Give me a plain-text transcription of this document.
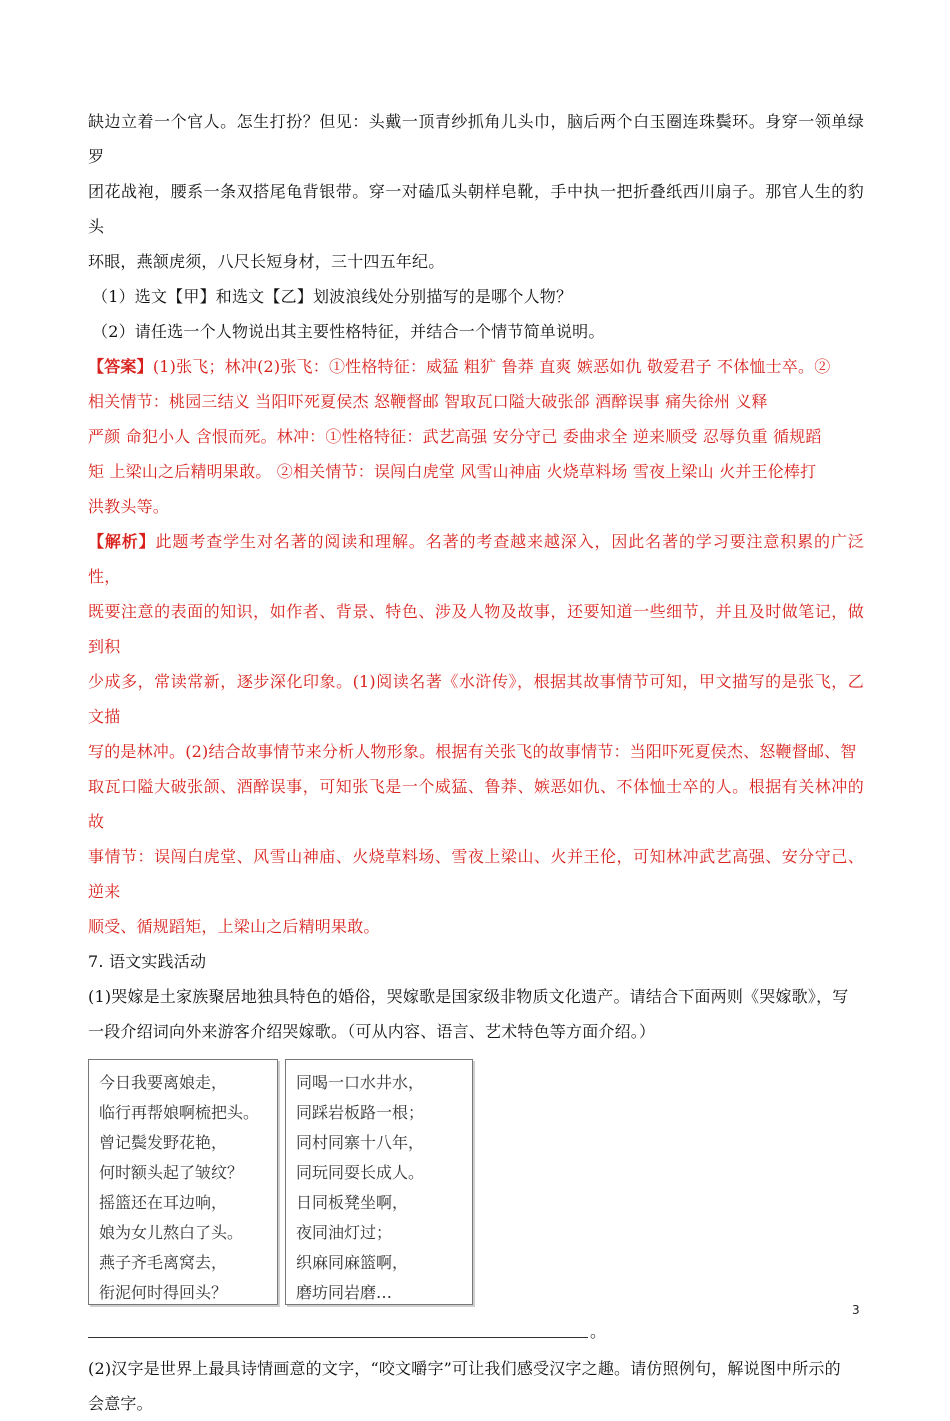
缺边立着一个官人。怎生打扮？但见：头戴一顶青纱抓角儿头巾，脑后两个白玉圈连珠鬓环。身穿一领单绿罗

团花战袍，腰系一条双搭尾龟背银带。穿一对磕瓜头朝样皂靴，手中执一把折叠纸西川扇子。那官人生的豹头

环眼，燕颔虎须，八尺长短身材，三十四五年纪。

（1）选文【甲】和选文【乙】划波浪线处分别描写的是哪个人物？

（2）请任选一个人物说出其主要性格特征，并结合一个情节简单说明。

【答案】(1)张飞；林冲(2)张飞：①性格特征：威猛 粗犷 鲁莽 直爽 嫉恶如仇 敬爱君子 不体恤士卒。②

相关情节：桃园三结义 当阳吓死夏侯杰 怒鞭督邮 智取瓦口隘大破张郃 酒醉误事 痛失徐州 义释

严颜 命犯小人 含恨而死。林冲：①性格特征：武艺高强 安分守己 委曲求全 逆来顺受 忍辱负重 循规蹈

矩 上梁山之后精明果敢。 ②相关情节：误闯白虎堂 风雪山神庙 火烧草料场 雪夜上梁山 火并王伦棒打

洪教头等。

【解析】此题考查学生对名著的阅读和理解。名著的考查越来越深入，因此名著的学习要注意积累的广泛性，

既要注意的表面的知识，如作者、背景、特色、涉及人物及故事，还要知道一些细节，并且及时做笔记，做到积

少成多，常读常新，逐步深化印象。(1)阅读名著《水浒传》，根据其故事情节可知，甲文描写的是张飞，乙文描

写的是林冲。(2)结合故事情节来分析人物形象。根据有关张飞的故事情节：当阳吓死夏侯杰、怒鞭督邮、智

取瓦口隘大破张颌、酒醉误事，可知张飞是一个威猛、鲁莽、嫉恶如仇、不体恤士卒的人。根据有关林冲的故

事情节：误闯白虎堂、风雪山神庙、火烧草料场、雪夜上梁山、火并王伦，可知林冲武艺高强、安分守己、逆来

顺受、循规蹈矩，上梁山之后精明果敢。

7. 语文实践活动

(1)哭嫁是土家族聚居地独具特色的婚俗，哭嫁歌是国家级非物质文化遗产。请结合下面两则《哭嫁歌》，写

一段介绍词向外来游客介绍哭嫁歌。（可从内容、语言、艺术特色等方面介绍。）

今日我要离娘走，
临行再帮娘啊梳把头。
曾记鬓发野花艳，
何时额头起了皱纹？
摇篮还在耳边响，
娘为女儿熬白了头。
燕子齐毛离窝去，
衔泥何时得回头？
同喝一口水井水，
同踩岩板路一根；
同村同寨十八年，
同玩同耍长成人。
日同板凳坐啊，
夜同油灯过；
织麻同麻篮啊，
磨坊同岩磨…
。

(2)汉字是世界上最具诗情画意的文字，“咬文嚼字”可让我们感受汉字之趣。请仿照例句，解说图中所示的

会意字。

3
